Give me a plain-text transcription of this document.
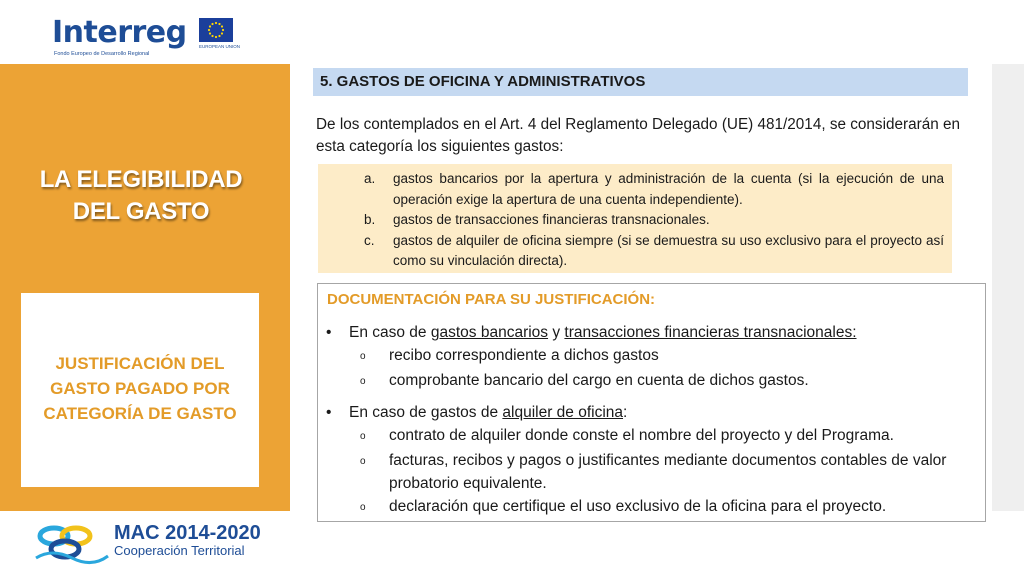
Interreg
Fondo Europeo de Desarrollo Regional
EUROPEAN UNION
LA ELEGIBILIDAD
DEL GASTO
JUSTIFICACIÓN DEL
GASTO PAGADO POR
CATEGORÍA DE GASTO
5. GASTOS DE OFICINA Y ADMINISTRATIVOS
De los contemplados en el Art. 4 del Reglamento Delegado (UE) 481/2014, se considerarán en esta categoría los siguientes gastos:
a.	gastos bancarios por la apertura y administración de la cuenta (si la ejecución de una operación exige la apertura de una cuenta independiente).
b.	gastos de transacciones financieras transnacionales.
c.	gastos de alquiler de oficina siempre (si se demuestra su uso exclusivo para el proyecto así como su vinculación directa).
DOCUMENTACIÓN PARA SU JUSTIFICACIÓN:
•	En caso de gastos bancarios y transacciones financieras transnacionales:
o	recibo correspondiente a dichos gastos
o	comprobante bancario del cargo en cuenta de dichos gastos.
•	En caso de gastos de alquiler de oficina:
o	contrato de alquiler donde conste el nombre del proyecto y del Programa.
o	facturas, recibos y pagos o justificantes mediante documentos contables de valor probatorio equivalente.
o	declaración que certifique el uso exclusivo de la oficina para el proyecto.
MAC 2014-2020
Cooperación Territorial
